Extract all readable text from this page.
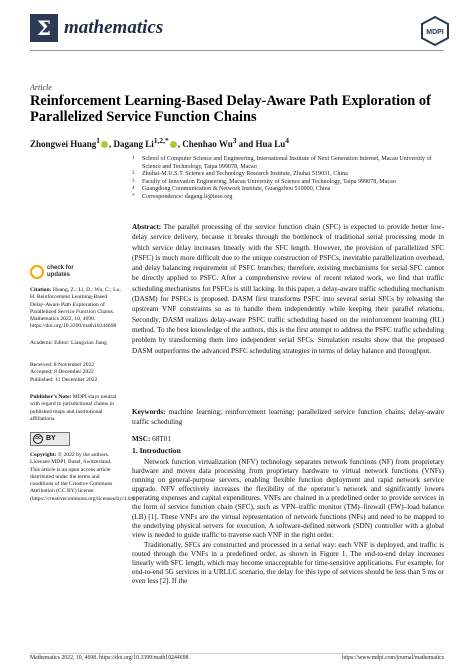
Σ mathematics	MDPI
Article
Reinforcement Learning-Based Delay-Aware Path Exploration of Parallelized Service Function Chains
Zhongwei Huang$^1$ , Dagang $Li^{1,2,*}$ , Chenhao Wu$^3$ and Hua Lu$^4$
1 School of Computer Science and Engineering, International Institute of Next Generation Internet, Macau University of Science and Technology, Taipa 999078, Macao
2 Zhuhai-M.U.S.T. Science and Technology Research Institute, Zhuhai 519031, China
3 Faculty of Innovation Engineering, Macau University of Science and Technology, Taipa 999078, Macao
4 Guangdong Communication & Network Institute, Guangzhou 510000, China
* Correspondence: dagang.li@ieee.org
Abstract: The parallel processing of the service function chain (SFC) is expected to provide better low-delay service delivery, because it breaks through the bottleneck of traditional serial processing mode in which service delay increases linearly with the SFC length. However, the provision of parallelized SFC (PSFC) is much more difficult due to the unique construction of PSFCs, inevitable parallelization overhead, and delay balancing requirement of PSFC branches; therefore, existing mechanisms for serial SFC cannot be directly applied to PSFC. After a comprehensive review of recent related work, we find that traffic scheduling mechanisms for PSFCs is still lacking. In this paper, a delay-aware traffic scheduling mechanism (DASM) for PSFCs is proposed. DASM first transforms PSFC into several serial SFCs by releasing the upstream VNF constraints so as to handle them independently while keeping their parallel relations. Secondly, DASM realizes delay-aware PSFC traffic scheduling based on the reinforcement learning (RL) method. To the best knowledge of the authors, this is the first attempt to address the PSFC traffic scheduling problem by transforming them into independent serial SFCs. Simulation results show that the proposed DASM outperforms the advanced PSFC scheduling strategies in terms of delay balance and throughput.
Keywords: machine learning; reinforcement learning; parallelized service function chains; delay-aware traffic scheduling
MSC: 68T01
check for
updates
Citation: Huang, Z.; Li, D.; Wu, C.; Lu, H. Reinforcement Learning-Based Delay-Aware Path Exploration of Parallelized Service Function Chains. Mathematics 2022, 10, 4698. https://doi.org/10.3390/math10244698
Academic Editor: Liangxiao Jiang
Received: 8 November 2022
Accepted: 8 December 2022
Published: 11 December 2022
Publisher’s Note: MDPI stays neutral with regard to jurisdictional claims in published maps and institutional affiliations.
cc BY
Copyright: © 2022 by the authors. Licensee MDPI, Basel, Switzerland. This article is an open access article distributed under the terms and conditions of the Creative Commons Attribution (CC BY) license (https://creativecommons.org/licenses/by/4.0/).
1. Introduction

Network function virtualization (NFV) technology separates network functions (NF) from proprietary hardware and moves data processing from proprietary hardware to virtual network functions (VNFs) running on general-purpose servers, enabling flexible function deployment and rapid network service upgrade. NFV effectively increases the flexibility of the operator’s network and significantly lowers operating expenses and capital expenditures. VNFs are chained in a predefined order to provide services in the form of service function chain (SFC), such as VPN–traffic monitor (TM)–firewall (FW)–load balance (LB) [1]. These VNFs are the virtual representation of network functions (NFs) and need to be mapped to the underlying physical servers for execution. A software-defined network (SDN) controller with a global view is needed to guide traffic to traverse each VNF in the right order.

Traditionally, SFCs are constructed and processed in a serial way: each VNF is deployed, and traffic is routed through the VNFs in a predefined order, as shown in Figure 1. The end-to-end delay increases linearly with SFC length, which may become unacceptable for time-sensitive applications. For example, for end-to-end 5G services in a URLLC scenario, the delay for this type of services should be less than 5 ms or even less [2]. If the

Mathematics 2022, 10, 4698. https://doi.org/10.3390/math10244698	https://www.mdpi.com/journal/mathematics
